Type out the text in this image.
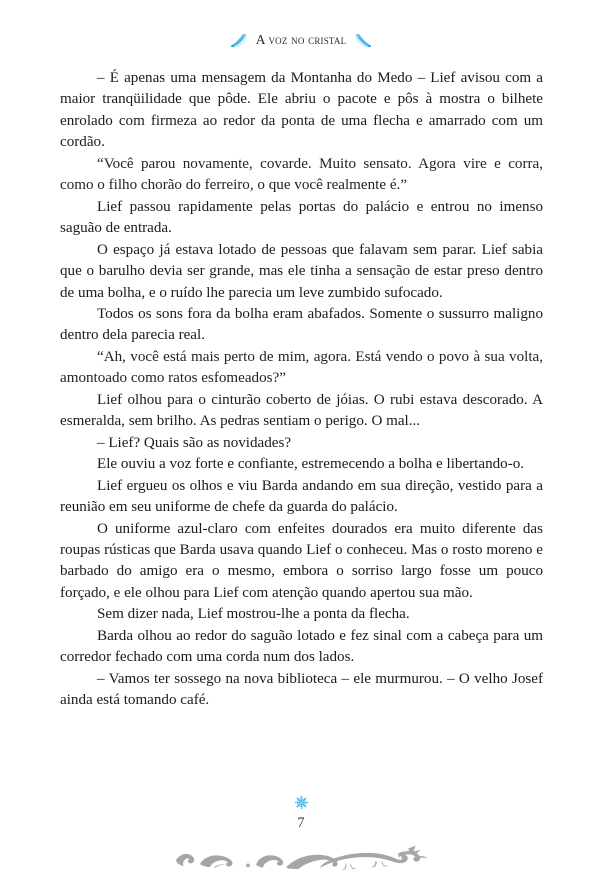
A voz no cristal

– É apenas uma mensagem da Montanha do Medo – Lief avisou com a maior tranqüilidade que pôde. Ele abriu o pacote e pôs à mostra o bilhete enrolado com firmeza ao redor da ponta de uma flecha e amarrado com um cordão.

“Você parou novamente, covarde. Muito sensato. Agora vire e corra, como o filho chorão do ferreiro, o que você realmente é.”

Lief passou rapidamente pelas portas do palácio e entrou no imenso saguão de entrada.

O espaço já estava lotado de pessoas que falavam sem parar. Lief sabia que o barulho devia ser grande, mas ele tinha a sensação de estar preso dentro de uma bolha, e o ruído lhe parecia um leve zumbido sufocado.

Todos os sons fora da bolha eram abafados. Somente o sussurro maligno dentro dela parecia real.

“Ah, você está mais perto de mim, agora. Está vendo o povo à sua volta, amontoado como ratos esfomeados?”

Lief olhou para o cinturão coberto de jóias. O rubi estava descorado. A esmeralda, sem brilho. As pedras sentiam o perigo. O mal...

– Lief? Quais são as novidades?

Ele ouviu a voz forte e confiante, estremecendo a bolha e libertando-o.

Lief ergueu os olhos e viu Barda andando em sua direção, vestido para a reunião em seu uniforme de chefe da guarda do palácio.

O uniforme azul-claro com enfeites dourados era muito diferente das roupas rústicas que Barda usava quando Lief o conheceu. Mas o rosto moreno e barbado do amigo era o mesmo, embora o sorriso largo fosse um pouco forçado, e ele olhou para Lief com atenção quando apertou sua mão.

Sem dizer nada, Lief mostrou-lhe a ponta da flecha.

Barda olhou ao redor do saguão lotado e fez sinal com a cabeça para um corredor fechado com uma corda num dos lados.

– Vamos ter sossego na nova biblioteca – ele murmurou. – O velho Josef ainda está tomando café.

7
